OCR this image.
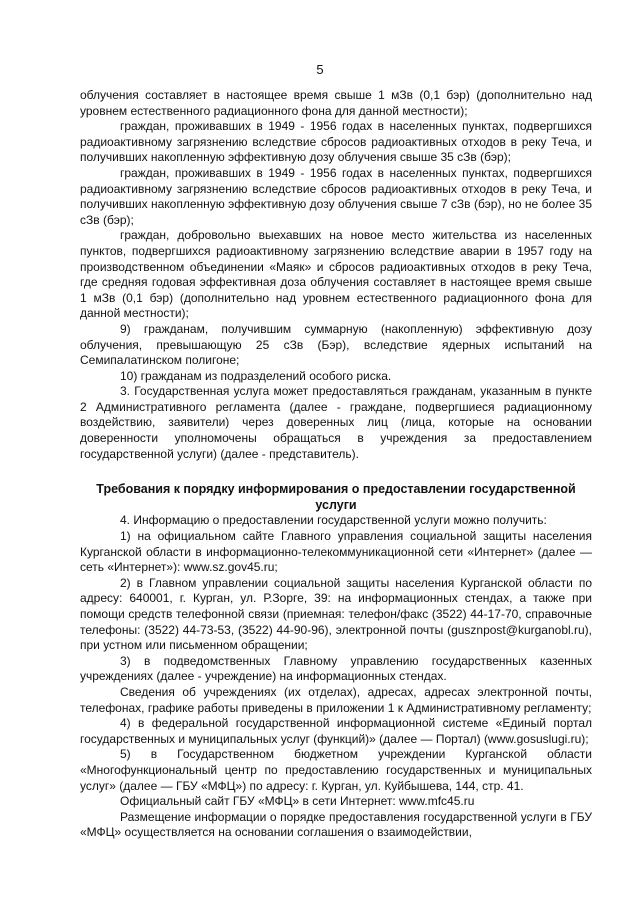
5

облучения составляет в настоящее время свыше 1 мЗв (0,1 бэр) (дополнительно над уровнем естественного радиационного фона для данной местности);

граждан, проживавших в 1949 - 1956 годах в населенных пунктах, подвергшихся радиоактивному загрязнению вследствие сбросов радиоактивных отходов в реку Теча, и получивших накопленную эффективную дозу облучения свыше 35 сЗв (бэр);

граждан, проживавших в 1949 - 1956 годах в населенных пунктах, подвергшихся радиоактивному загрязнению вследствие сбросов радиоактивных отходов в реку Теча, и получивших накопленную эффективную дозу облучения свыше 7 сЗв (бэр), но не более 35 сЗв (бэр);

граждан, добровольно выехавших на новое место жительства из населенных пунктов, подвергшихся радиоактивному загрязнению вследствие аварии в 1957 году на производственном объединении «Маяк» и сбросов радиоактивных отходов в реку Теча, где средняя годовая эффективная доза облучения составляет в настоящее время свыше 1 мЗв (0,1 бэр) (дополнительно над уровнем естественного радиационного фона для данной местности);

9) гражданам, получившим суммарную (накопленную) эффективную дозу облучения, превышающую 25 сЗв (Бэр), вследствие ядерных испытаний на Семипалатинском полигоне;

10) гражданам из подразделений особого риска.

3. Государственная услуга может предоставляться гражданам, указанным в пункте 2 Административного регламента (далее - граждане, подвергшиеся радиационному воздействию, заявители) через доверенных лиц (лица, которые на основании доверенности уполномочены обращаться в учреждения за предоставлением государственной услуги) (далее - представитель).

Требования к порядку информирования о предоставлении государственной услуги

4. Информацию о предоставлении государственной услуги можно получить:

1) на официальном сайте Главного управления социальной защиты населения Курганской области в информационно-телекоммуникационной сети «Интернет» (далее — сеть «Интернет»): www.sz.gov45.ru;

2) в Главном управлении социальной защиты населения Курганской области по адресу: 640001, г. Курган, ул. Р.Зорге, 39: на информационных стендах, а также при помощи средств телефонной связи (приемная: телефон/факс (3522) 44-17-70, справочные телефоны: (3522) 44-73-53, (3522) 44-90-96), электронной почты (gusznpost@kurganobl.ru), при устном или письменном обращении;

3) в подведомственных Главному управлению государственных казенных учреждениях (далее - учреждение) на информационных стендах.

Сведения об учреждениях (их отделах), адресах, адресах электронной почты, телефонах, графике работы приведены в приложении 1 к Административному регламенту;

4) в федеральной государственной информационной системе «Единый портал государственных и муниципальных услуг (функций)» (далее — Портал) (www.gosuslugi.ru);

5) в Государственном бюджетном учреждении Курганской области «Многофункциональный центр по предоставлению государственных и муниципальных услуг» (далее — ГБУ «МФЦ») по адресу: г. Курган, ул. Куйбышева, 144, стр. 41.

Официальный сайт ГБУ «МФЦ» в сети Интернет: www.mfc45.ru

Размещение информации о порядке предоставления государственной услуги в ГБУ «МФЦ» осуществляется на основании соглашения о взаимодействии,
